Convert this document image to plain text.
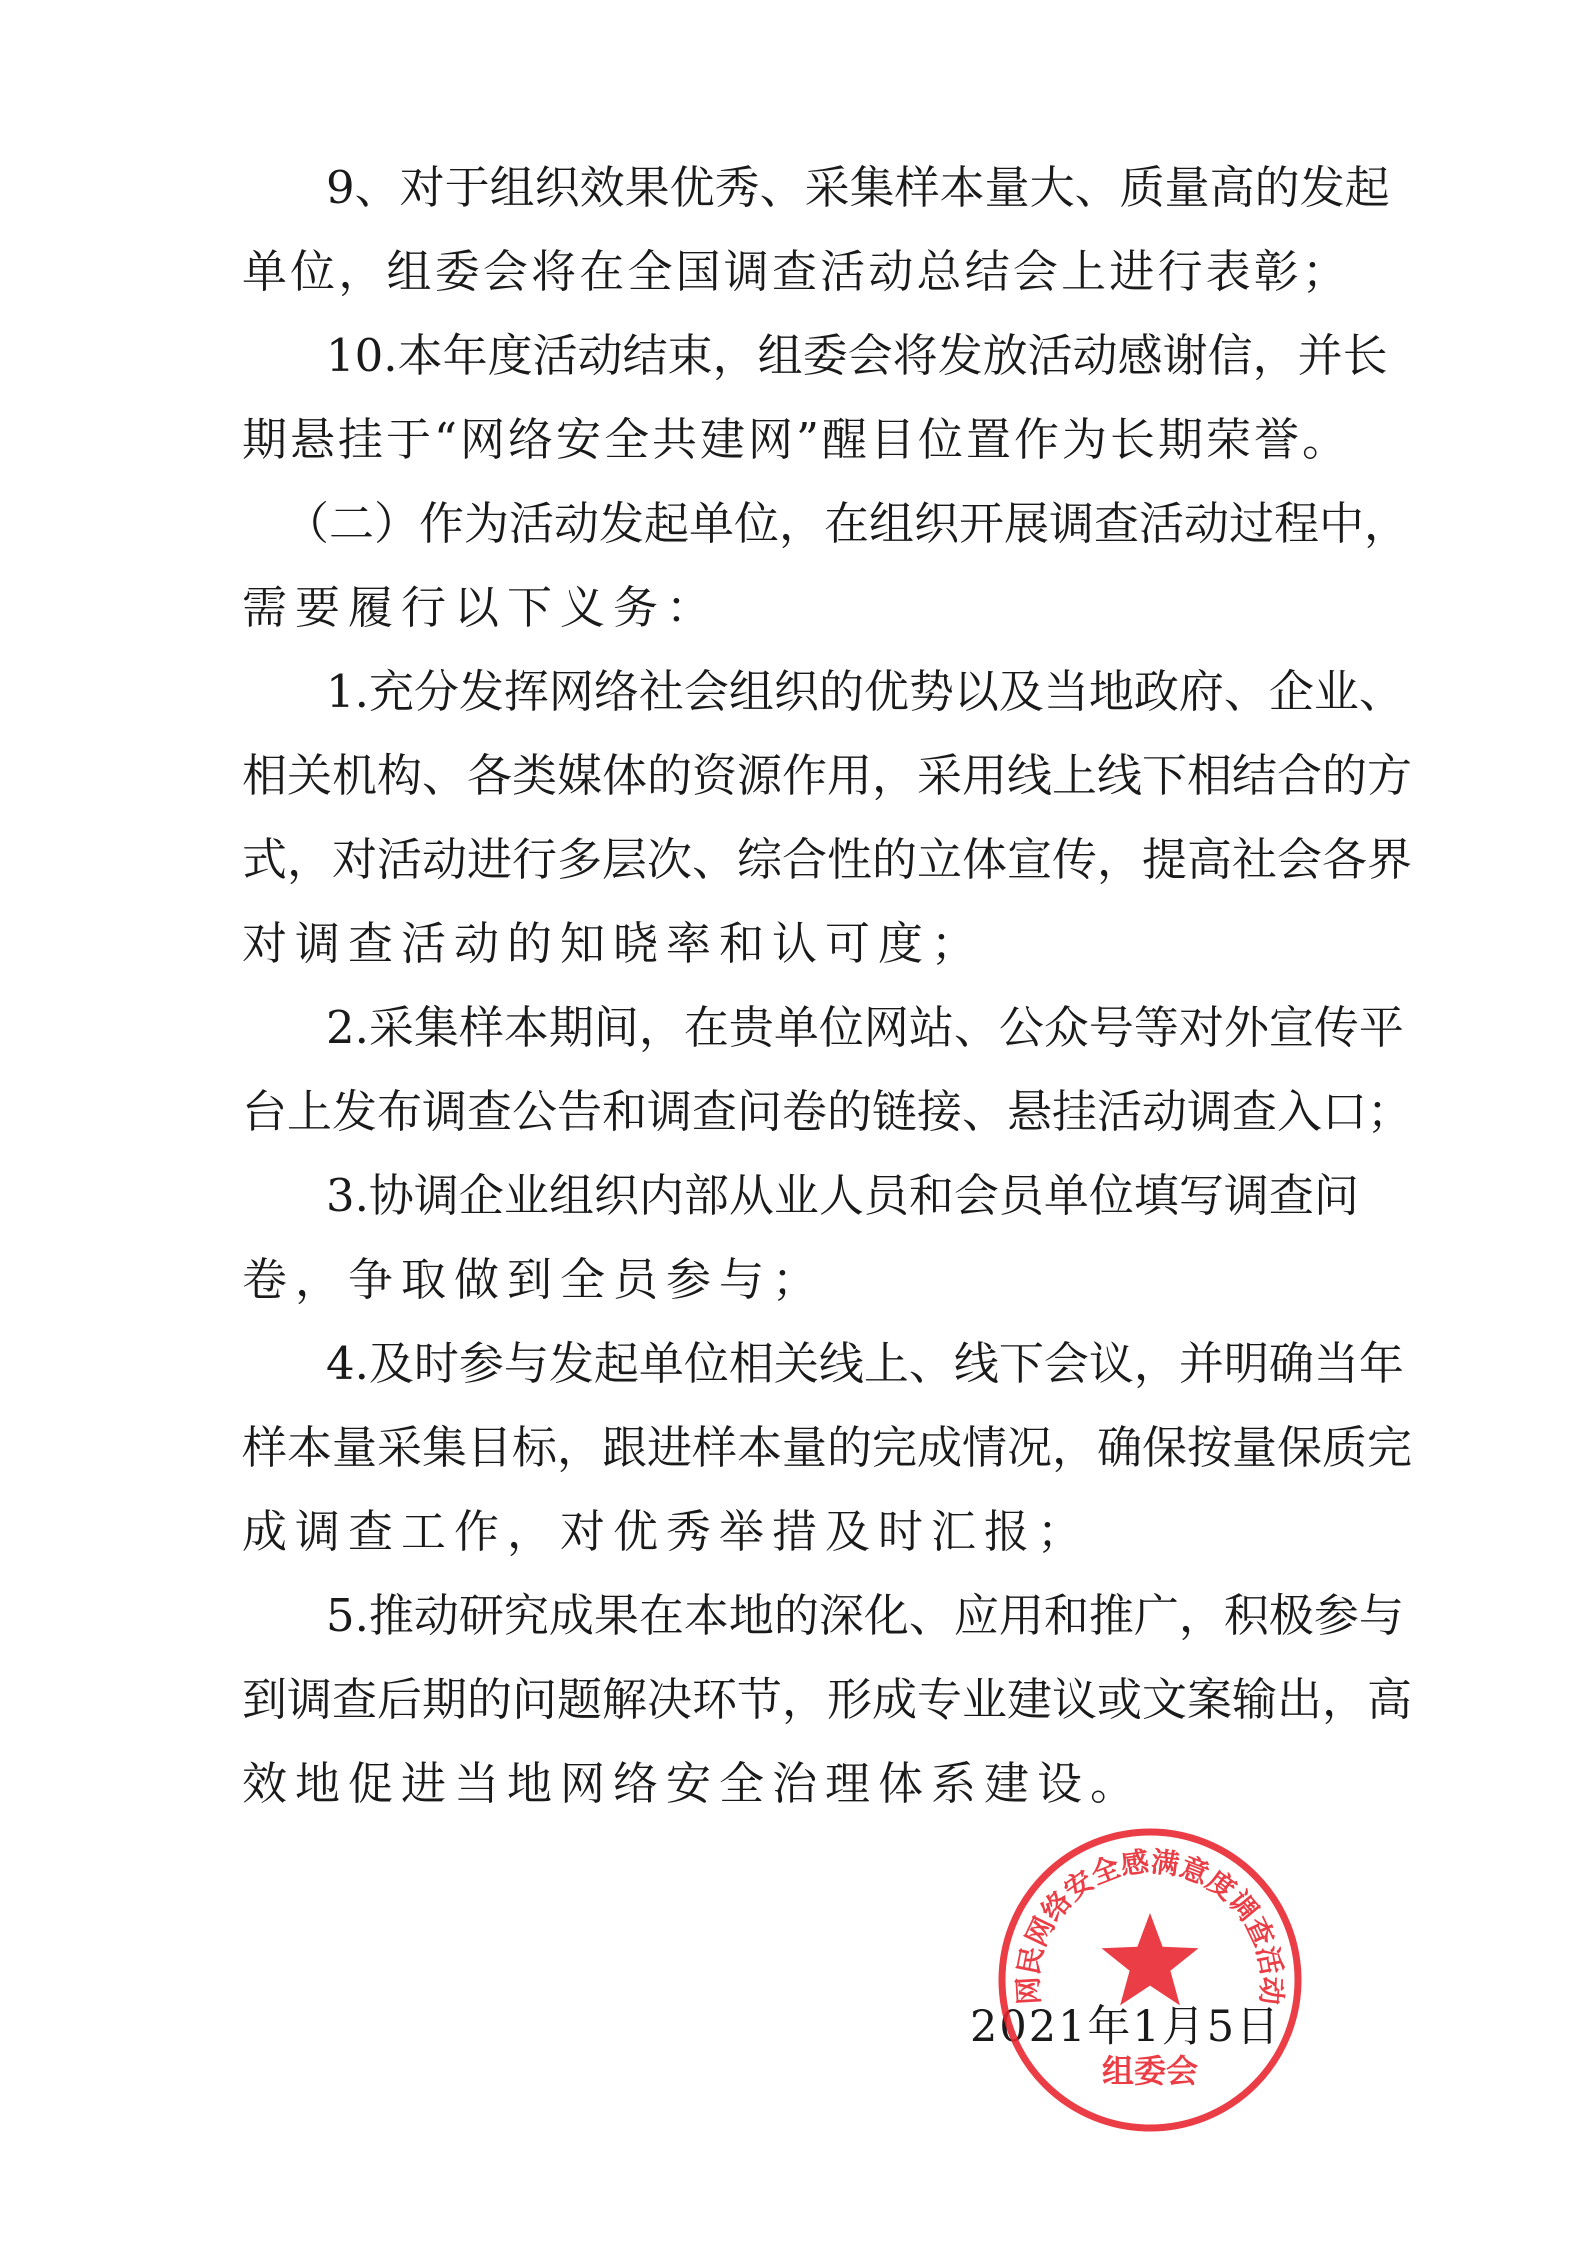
9、对于组织效果优秀、采集样本量大、质量高的发起
单位，组委会将在全国调查活动总结会上进行表彰；
10.本年度活动结束，组委会将发放活动感谢信，并长
期悬挂于“网络安全共建网”醒目位置作为长期荣誉。
（二）作为活动发起单位，在组织开展调查活动过程中，
需要履行以下义务：
1.充分发挥网络社会组织的优势以及当地政府、企业、
相关机构、各类媒体的资源作用，采用线上线下相结合的方
式，对活动进行多层次、综合性的立体宣传，提高社会各界
对调查活动的知晓率和认可度；
2.采集样本期间，在贵单位网站、公众号等对外宣传平
台上发布调查公告和调查问卷的链接、悬挂活动调查入口；
3.协调企业组织内部从业人员和会员单位填写调查问
卷，争取做到全员参与；
4.及时参与发起单位相关线上、线下会议，并明确当年
样本量采集目标，跟进样本量的完成情况，确保按量保质完
成调查工作，对优秀举措及时汇报；
5.推动研究成果在本地的深化、应用和推广，积极参与
到调查后期的问题解决环节，形成专业建议或文案输出，高
效地促进当地网络安全治理体系建设。
2021年1月5日
网民网络安全感满意度调查活动
组委会
